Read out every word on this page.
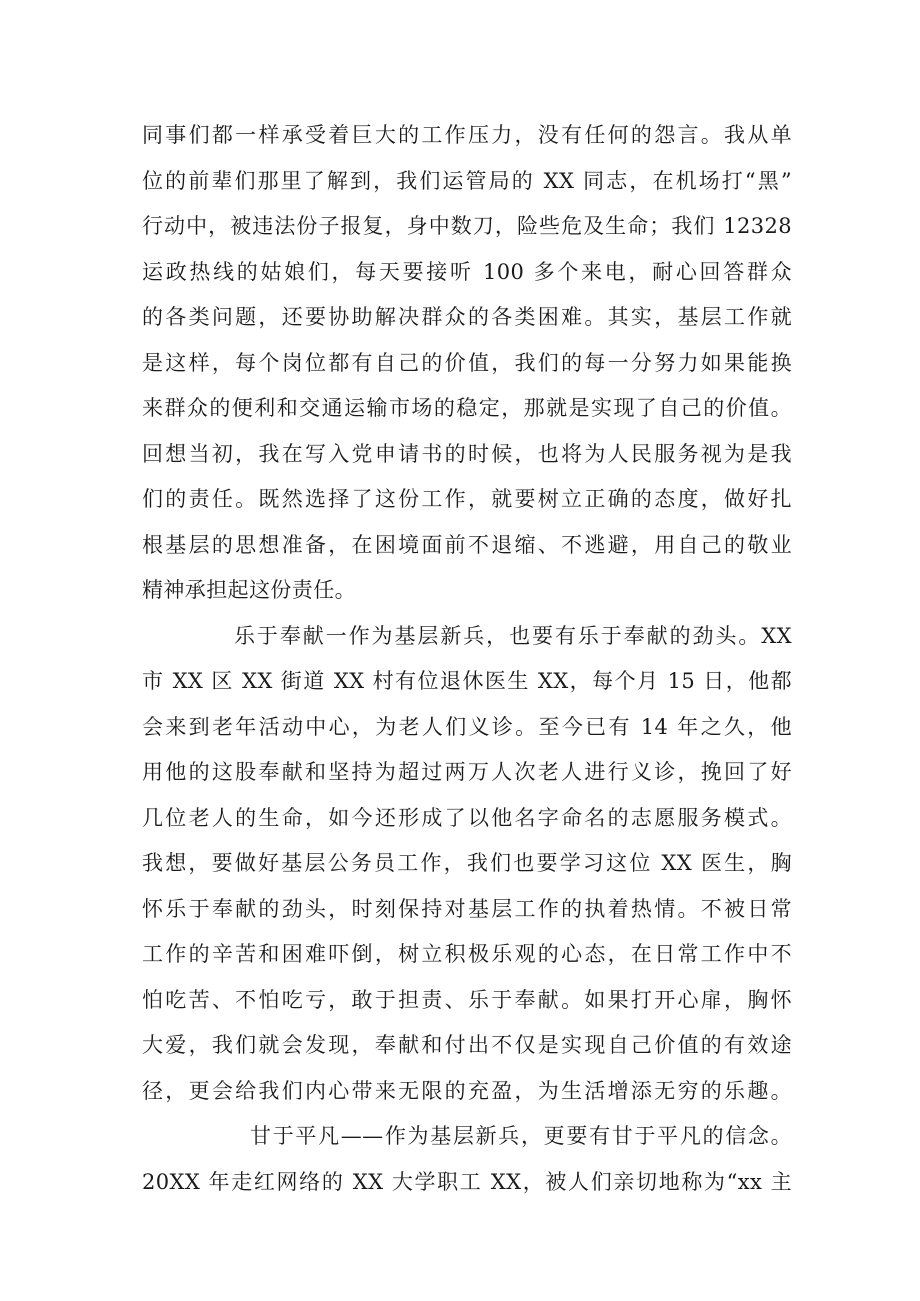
同事们都一样承受着巨大的工作压力，没有任何的怨言。我从单
位的前辈们那里了解到，我们运管局的 XX 同志，在机场打“黑”
行动中，被违法份子报复，身中数刀，险些危及生命；我们 12328
运政热线的姑娘们，每天要接听 100 多个来电，耐心回答群众
的各类问题，还要协助解决群众的各类困难。其实，基层工作就
是这样，每个岗位都有自己的价值，我们的每一分努力如果能换
来群众的便利和交通运输市场的稳定，那就是实现了自己的价值。
回想当初，我在写入党申请书的时候，也将为人民服务视为是我
们的责任。既然选择了这份工作，就要树立正确的态度，做好扎
根基层的思想准备，在困境面前不退缩、不逃避，用自己的敬业
精神承担起这份责任。
乐于奉献一作为基层新兵，也要有乐于奉献的劲头。XX
市 XX 区 XX 街道 XX 村有位退休医生 XX，每个月 15 日，他都
会来到老年活动中心，为老人们义诊。至今已有 14 年之久，他
用他的这股奉献和坚持为超过两万人次老人进行义诊，挽回了好
几位老人的生命，如今还形成了以他名字命名的志愿服务模式。
我想，要做好基层公务员工作，我们也要学习这位 XX 医生，胸
怀乐于奉献的劲头，时刻保持对基层工作的执着热情。不被日常
工作的辛苦和困难吓倒，树立积极乐观的心态，在日常工作中不
怕吃苦、不怕吃亏，敢于担责、乐于奉献。如果打开心扉，胸怀
大爱，我们就会发现，奉献和付出不仅是实现自己价值的有效途
径，更会给我们内心带来无限的充盈，为生活增添无穷的乐趣。
甘于平凡——作为基层新兵，更要有甘于平凡的信念。
20XX 年走红网络的 XX 大学职工 XX，被人们亲切地称为“xx 主
